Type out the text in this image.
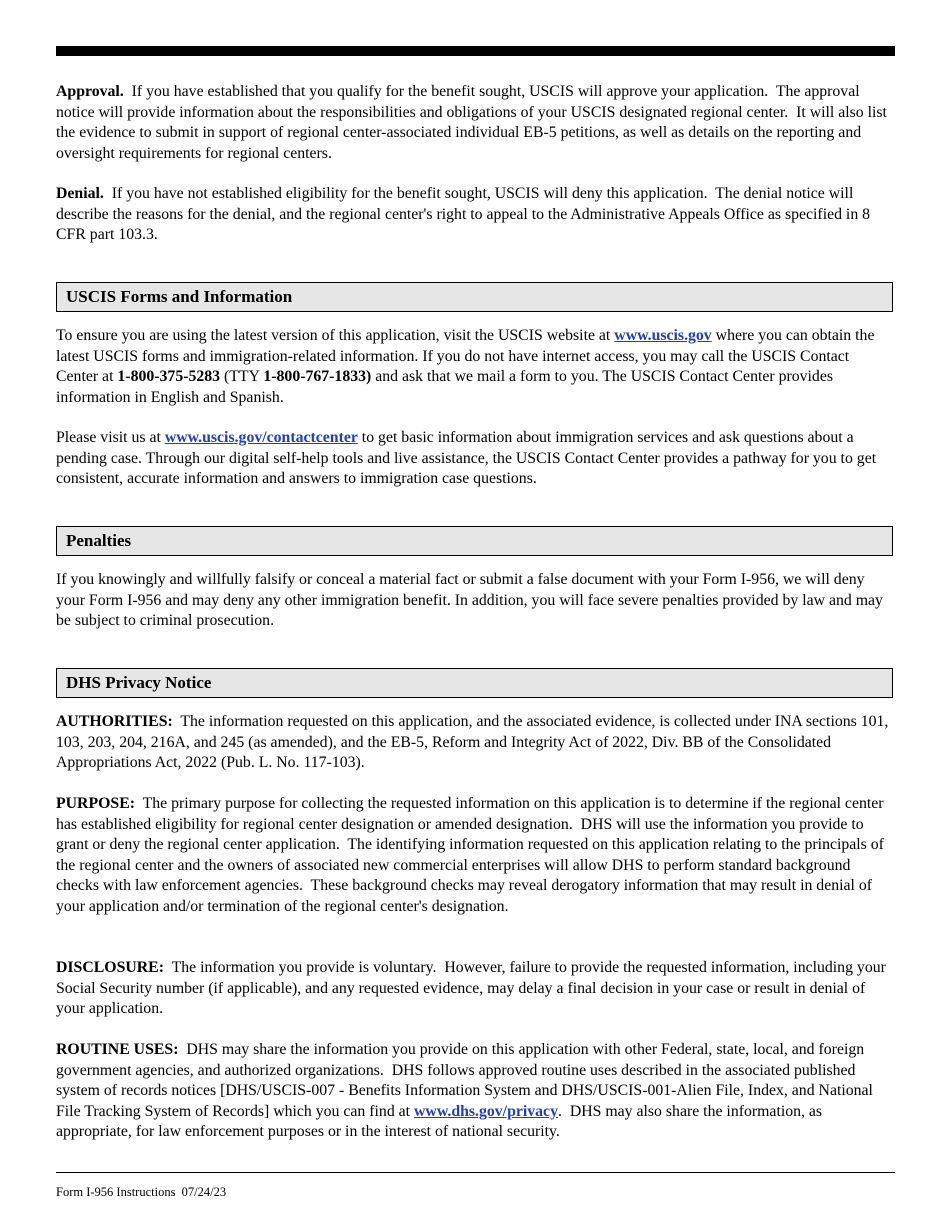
Approval.  If you have established that you qualify for the benefit sought, USCIS will approve your application.  The approval notice will provide information about the responsibilities and obligations of your USCIS designated regional center.  It will also list the evidence to submit in support of regional center-associated individual EB-5 petitions, as well as details on the reporting and oversight requirements for regional centers.

Denial.  If you have not established eligibility for the benefit sought, USCIS will deny this application.  The denial notice will describe the reasons for the denial, and the regional center's right to appeal to the Administrative Appeals Office as specified in 8 CFR part 103.3.

USCIS Forms and Information

To ensure you are using the latest version of this application, visit the USCIS website at www.uscis.gov where you can obtain the latest USCIS forms and immigration-related information. If you do not have internet access, you may call the USCIS Contact Center at 1-800-375-5283 (TTY 1-800-767-1833) and ask that we mail a form to you. The USCIS Contact Center provides information in English and Spanish.

Please visit us at www.uscis.gov/contactcenter to get basic information about immigration services and ask questions about a pending case. Through our digital self-help tools and live assistance, the USCIS Contact Center provides a pathway for you to get consistent, accurate information and answers to immigration case questions.

Penalties

If you knowingly and willfully falsify or conceal a material fact or submit a false document with your Form I-956, we will deny your Form I-956 and may deny any other immigration benefit. In addition, you will face severe penalties provided by law and may be subject to criminal prosecution.

DHS Privacy Notice

AUTHORITIES:  The information requested on this application, and the associated evidence, is collected under INA sections 101, 103, 203, 204, 216A, and 245 (as amended), and the EB-5, Reform and Integrity Act of 2022, Div. BB of the Consolidated Appropriations Act, 2022 (Pub. L. No. 117-103).

PURPOSE:  The primary purpose for collecting the requested information on this application is to determine if the regional center has established eligibility for regional center designation or amended designation.  DHS will use the information you provide to grant or deny the regional center application.  The identifying information requested on this application relating to the principals of the regional center and the owners of associated new commercial enterprises will allow DHS to perform standard background checks with law enforcement agencies.  These background checks may reveal derogatory information that may result in denial of your application and/or termination of the regional center's designation.

DISCLOSURE:  The information you provide is voluntary.  However, failure to provide the requested information, including your Social Security number (if applicable), and any requested evidence, may delay a final decision in your case or result in denial of your application.

ROUTINE USES:  DHS may share the information you provide on this application with other Federal, state, local, and foreign government agencies, and authorized organizations.  DHS follows approved routine uses described in the associated published system of records notices [DHS/USCIS-007 - Benefits Information System and DHS/USCIS-001-Alien File, Index, and National File Tracking System of Records] which you can find at www.dhs.gov/privacy.  DHS may also share the information, as appropriate, for law enforcement purposes or in the interest of national security.

Form I-956 Instructions  07/24/23
